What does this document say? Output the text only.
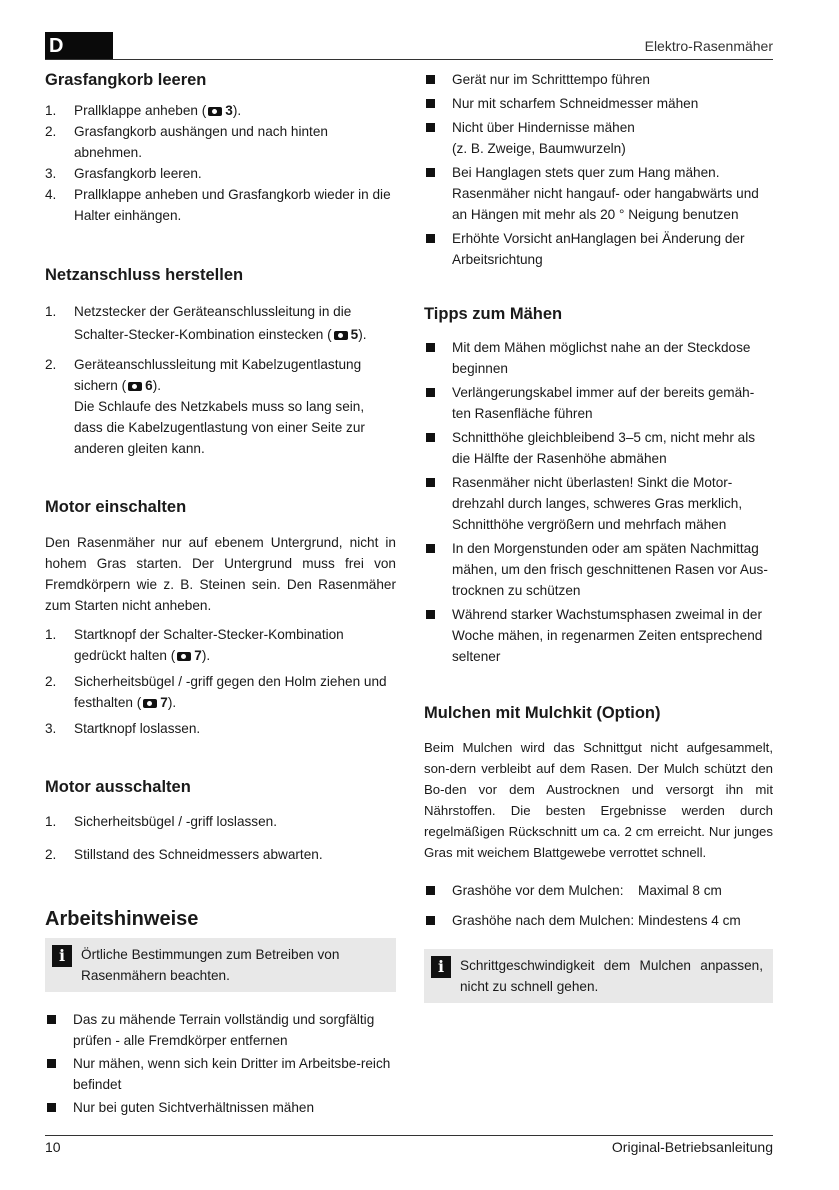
D	Elektro-Rasenmäher
Grasfangkorb leeren
1. Prallklappe anheben ( 3).
2. Grasfangkorb aushängen und nach hinten abnehmen.
3. Grasfangkorb leeren.
4. Prallklappe anheben und Grasfangkorb wieder in die Halter einhängen.
Netzanschluss herstellen
1. Netzstecker der Geräteanschlussleitung in die Schalter-Stecker-Kombination einstecken ( 5).
2. Geräteanschlussleitung mit Kabelzugentlastung sichern ( 6).
Die Schlaufe des Netzkabels muss so lang sein, dass die Kabelzugentlastung von einer Seite zur anderen gleiten kann.
Motor einschalten

Den Rasenmäher nur auf ebenem Untergrund, nicht in hohem Gras starten. Der Untergrund muss frei von Fremdkörpern wie z. B. Steinen sein. Den Rasenmäher zum Starten nicht anheben.

1. Startknopf der Schalter-Stecker-Kombination gedrückt halten ( 7).
2. Sicherheitsbügel / -griff gegen den Holm ziehen und festhalten ( 7).
3. Startknopf loslassen.
Motor ausschalten
1. Sicherheitsbügel / -griff loslassen.
2. Stillstand des Schneidmessers abwarten.
Arbeitshinweise
i	Örtliche Bestimmungen zum Betreiben von Rasenmähern beachten.
Das zu mähende Terrain vollständig und sorgfältig prüfen - alle Fremdkörper entfernen
Nur mähen, wenn sich kein Dritter im Arbeitsbe-reich befindet
Nur bei guten Sichtverhältnissen mähen
Gerät nur im Schritttempo führen
Nur mit scharfem Schneidmesser mähen
Nicht über Hindernisse mähen
(z. B. Zweige, Baumwurzeln)
Bei Hanglagen stets quer zum Hang mähen. Rasenmäher nicht hangauf- oder hangabwärts und an Hängen mit mehr als 20 ° Neigung benutzen
Erhöhte Vorsicht anHanglagen bei Änderung der Arbeitsrichtung
Tipps zum Mähen
Mit dem Mähen möglichst nahe an der Steckdose beginnen
Verlängerungskabel immer auf der bereits gemäh-ten Rasenfläche führen
Schnitthöhe gleichbleibend 3–5 cm, nicht mehr als die Hälfte der Rasenhöhe abmähen
Rasenmäher nicht überlasten! Sinkt die Motor-drehzahl durch langes, schweres Gras merklich, Schnitthöhe vergrößern und mehrfach mähen
In den Morgenstunden oder am späten Nachmittag mähen, um den frisch geschnittenen Rasen vor Aus-trocknen zu schützen
Während starker Wachstumsphasen zweimal in der Woche mähen, in regenarmen Zeiten entsprechend seltener
Mulchen mit Mulchkit (Option)

Beim Mulchen wird das Schnittgut nicht aufgesammelt, son-dern verbleibt auf dem Rasen. Der Mulch schützt den Bo-den vor dem Austrocknen und versorgt ihn mit Nährstoffen. Die besten Ergebnisse werden durch regelmäßigen Rückschnitt um ca. 2 cm erreicht. Nur junges Gras mit weichem Blattgewebe verrottet schnell.

Grashöhe vor dem Mulchen: Maximal 8 cm
Grashöhe nach dem Mulchen: Mindestens 4 cm
i	Schrittgeschwindigkeit dem Mulchen anpassen, nicht zu schnell gehen.
10	Original-Betriebsanleitung
